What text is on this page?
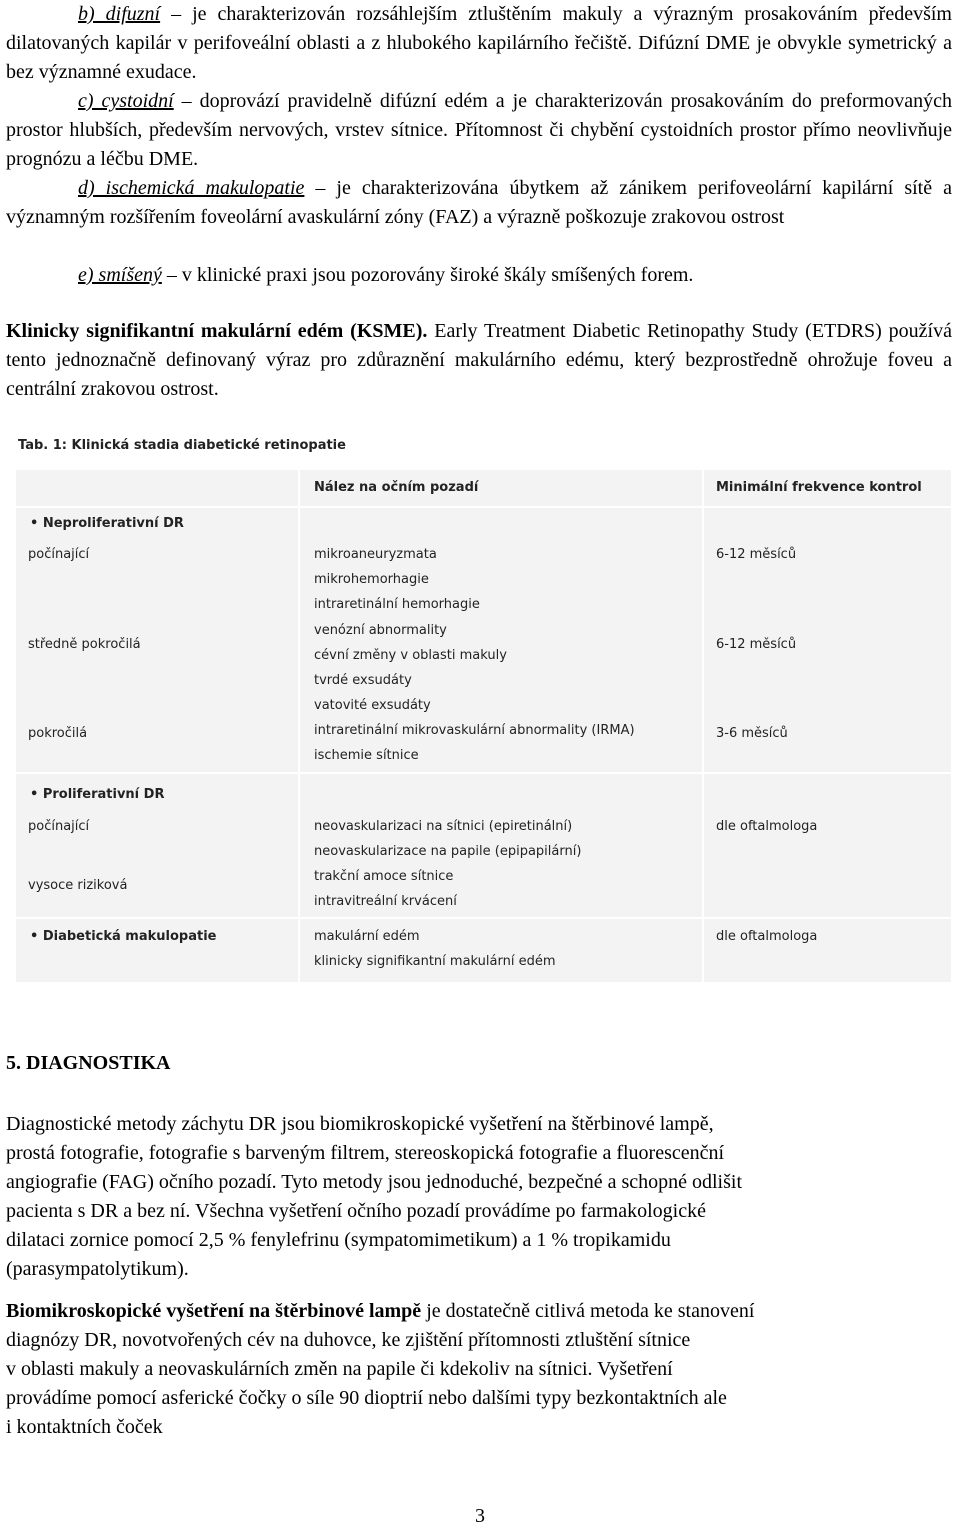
b) difuzní – je charakterizován rozsáhlejším ztluštěním makuly a výrazným prosakováním především dilatovaných kapilár v perifoveální oblasti a z hlubokého kapilárního řečiště. Difúzní DME je obvykle symetrický a bez významné exudace.

c) cystoidní – doprovází pravidelně difúzní edém a je charakterizován prosakováním do preformovaných prostor hlubších, především nervových, vrstev sítnice. Přítomnost či chybění cystoidních prostor přímo neovlivňuje prognózu a léčbu DME.

d) ischemická makulopatie – je charakterizována úbytkem až zánikem perifoveolární kapilární sítě a významným rozšířením foveolární avaskulární zóny (FAZ) a výrazně poškozuje zrakovou ostrost

e) smíšený – v klinické praxi jsou pozorovány široké škály smíšených forem.

Klinicky signifikantní makulární edém (KSME). Early Treatment Diabetic Retinopathy Study (ETDRS) používá tento jednoznačně definovaný výraz pro zdůraznění makulárního edému, který bezprostředně ohrožuje foveu a centrální zrakovou ostrost.

Tab. 1: Klinická stadia diabetické retinopatie
Nález na očním pozadí	Minimální frekvence kontrol
• Neproliferativní DR
počínající
středně pokročilá
pokročilá
• Proliferativní DR
počínající
vysoce riziková
• Diabetická makulopatie
mikroaneuryzmata
mikrohemorhagie
intraretinální hemorhagie
venózní abnormality
cévní změny v oblasti makuly
tvrdé exsudáty
vatovité exsudáty
intraretinální mikrovaskulární abnormality (IRMA)
ischemie sítnice
neovaskularizaci na sítnici (epiretinální)
neovaskularizace na papile (epipapilární)
trakční amoce sítnice
intravitreální krvácení
makulární edém
klinicky signifikantní makulární edém
6-12 měsíců
6-12 měsíců
3-6 měsíců
dle oftalmologa
dle oftalmologa
5. DIAGNOSTIKA
Diagnostické metody záchytu DR jsou biomikroskopické vyšetření na štěrbinové lampě,
prostá fotografie, fotografie s barveným filtrem, stereoskopická fotografie a fluorescenční
angiografie (FAG) očního pozadí. Tyto metody jsou jednoduché, bezpečné a schopné odlišit
pacienta s DR a bez ní. Všechna vyšetření očního pozadí provádíme po farmakologické
dilataci zornice pomocí 2,5 % fenylefrinu (sympatomimetikum) a 1 % tropikamidu
(parasympatolytikum).
Biomikroskopické vyšetření na štěrbinové lampě je dostatečně citlivá metoda ke stanovení
diagnózy DR, novotvořených cév na duhovce, ke zjištění přítomnosti ztluštění sítnice
v oblasti makuly a neovaskulárních změn na papile či kdekoliv na sítnici. Vyšetření
provádíme pomocí asferické čočky o síle 90 dioptrií nebo dalšími typy bezkontaktních ale
i kontaktních čoček
3
